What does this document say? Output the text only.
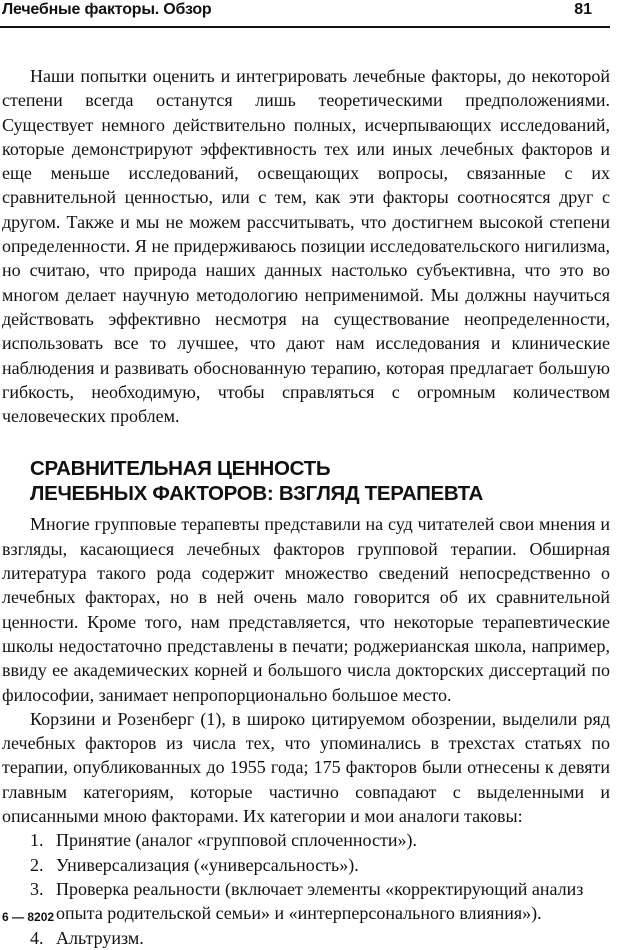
Лечебные факторы. Обзор	81

Наши попытки оценить и интегрировать лечебные факторы, до некоторой степени всегда останутся лишь теоретическими предположениями. Существует немного действительно полных, исчерпывающих исследований, которые демонстрируют эффективность тех или иных лечебных факторов и еще меньше исследований, освещающих вопросы, связанные с их сравнительной ценностью, или с тем, как эти факторы соотносятся друг с другом. Также и мы не можем рассчитывать, что достигнем высокой степени определенности. Я не придерживаюсь позиции исследовательского нигилизма, но считаю, что природа наших данных настолько субъективна, что это во многом делает научную методологию неприменимой. Мы должны научиться действовать эффективно несмотря на существование неопределенности, использовать все то лучшее, что дают нам исследования и клинические наблюдения и развивать обоснованную терапию, которая предлагает большую гибкость, необходимую, чтобы справляться с огромным количеством человеческих проблем.

СРАВНИТЕЛЬНАЯ ЦЕННОСТЬ
ЛЕЧЕБНЫХ ФАКТОРОВ: ВЗГЛЯД ТЕРАПЕВТА

Многие групповые терапевты представили на суд читателей свои мнения и взгляды, касающиеся лечебных факторов групповой терапии. Обширная литература такого рода содержит множество сведений непосредственно о лечебных факторах, но в ней очень мало говорится об их сравнительной ценности. Кроме того, нам представляется, что некоторые терапевтические школы недостаточно представлены в печати; роджерианская школа, например, ввиду ее академических корней и большого числа докторских диссертаций по философии, занимает непропорционально большое место.

Корзини и Розенберг (1), в широко цитируемом обозрении, выделили ряд лечебных факторов из числа тех, что упоминались в трехстах статьях по терапии, опубликованных до 1955 года; 175 факторов были отнесены к девяти главным категориям, которые частично совпадают с выделенными и описанными мною факторами. Их категории и мои аналоги таковы:

1. Принятие (аналог «групповой сплоченности»).
2. Универсализация («универсальность»).
3. Проверка реальности (включает элементы «корректирующий анализ опыта родительской семьи» и «интерперсонального влияния»).
4. Альтруизм.
6 — 8202
